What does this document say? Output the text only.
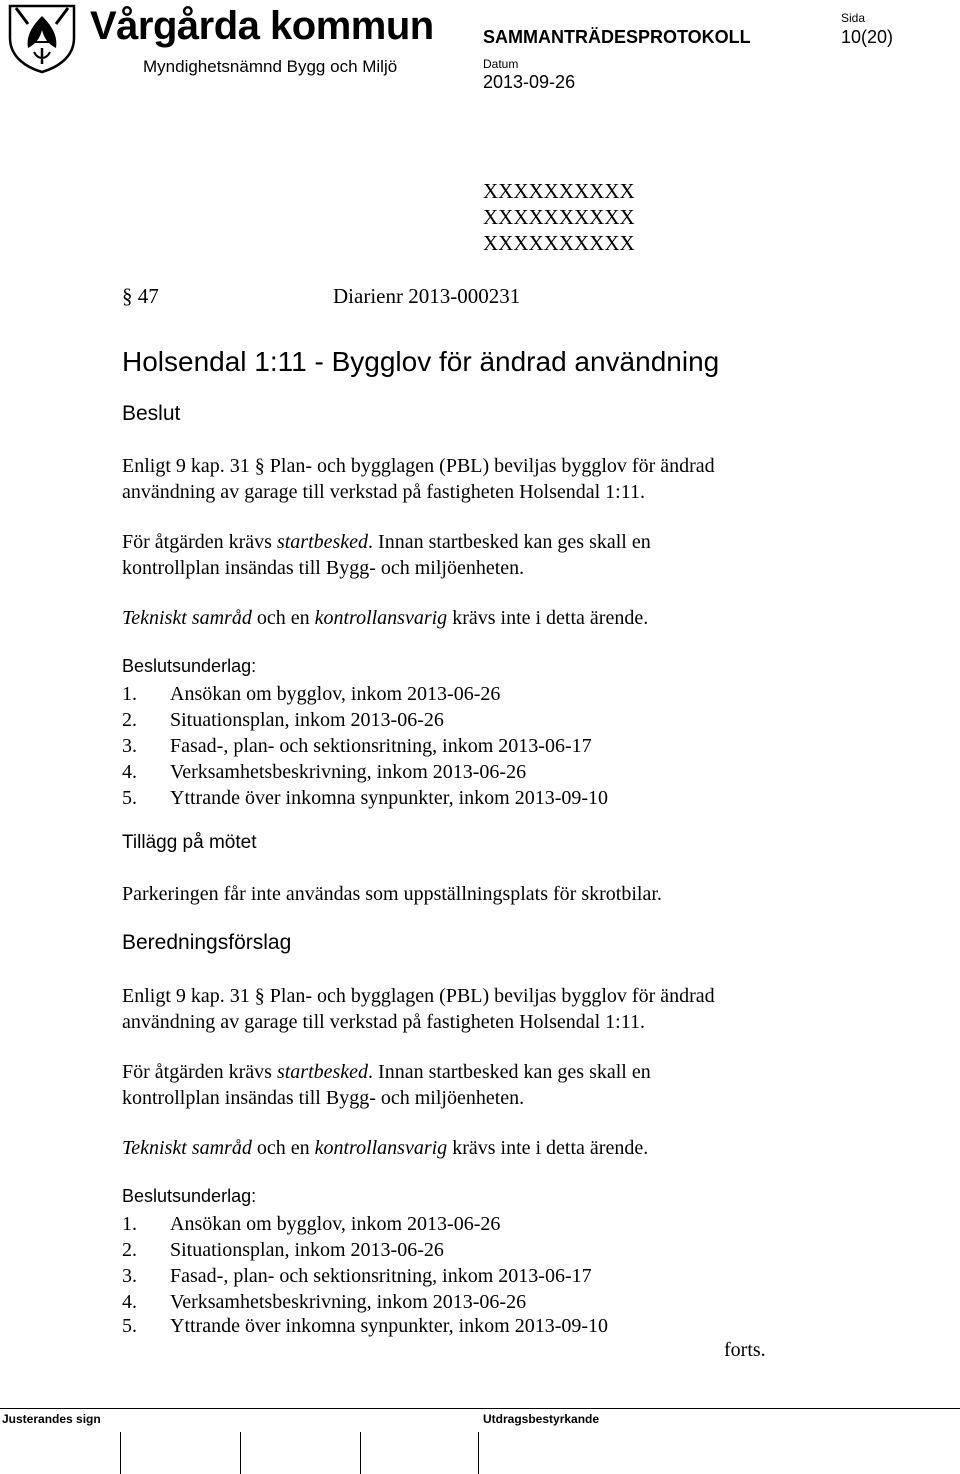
Vårgårda kommun
Myndighetsnämnd Bygg och Miljö
SAMMANTRÄDESPROTOKOLL
Datum
2013-09-26
Sida
10(20)
XXXXXXXXXX
XXXXXXXXXX
XXXXXXXXXX
§ 47	Diarienr 2013-000231
Holsendal 1:11 - Bygglov för ändrad användning
Beslut
Enligt 9 kap. 31 § Plan- och bygglagen (PBL) beviljas bygglov för ändrad
användning av garage till verkstad på fastigheten Holsendal 1:11.
För åtgärden krävs startbesked. Innan startbesked kan ges skall en
kontrollplan insändas till Bygg- och miljöenheten.
Tekniskt samråd och en kontrollansvarig krävs inte i detta ärende.
Beslutsunderlag:
1. Ansökan om bygglov, inkom 2013-06-26
2. Situationsplan, inkom 2013-06-26
3. Fasad-, plan- och sektionsritning, inkom 2013-06-17
4. Verksamhetsbeskrivning, inkom 2013-06-26
5. Yttrande över inkomna synpunkter, inkom 2013-09-10
Tillägg på mötet
Parkeringen får inte användas som uppställningsplats för skrotbilar.
Beredningsförslag
Enligt 9 kap. 31 § Plan- och bygglagen (PBL) beviljas bygglov för ändrad
användning av garage till verkstad på fastigheten Holsendal 1:11.
För åtgärden krävs startbesked. Innan startbesked kan ges skall en
kontrollplan insändas till Bygg- och miljöenheten.
Tekniskt samråd och en kontrollansvarig krävs inte i detta ärende.
Beslutsunderlag:
1. Ansökan om bygglov, inkom 2013-06-26
2. Situationsplan, inkom 2013-06-26
3. Fasad-, plan- och sektionsritning, inkom 2013-06-17
4. Verksamhetsbeskrivning, inkom 2013-06-26
5. Yttrande över inkomna synpunkter, inkom 2013-09-10
forts.
Justerandes sign	Utdragsbestyrkande
